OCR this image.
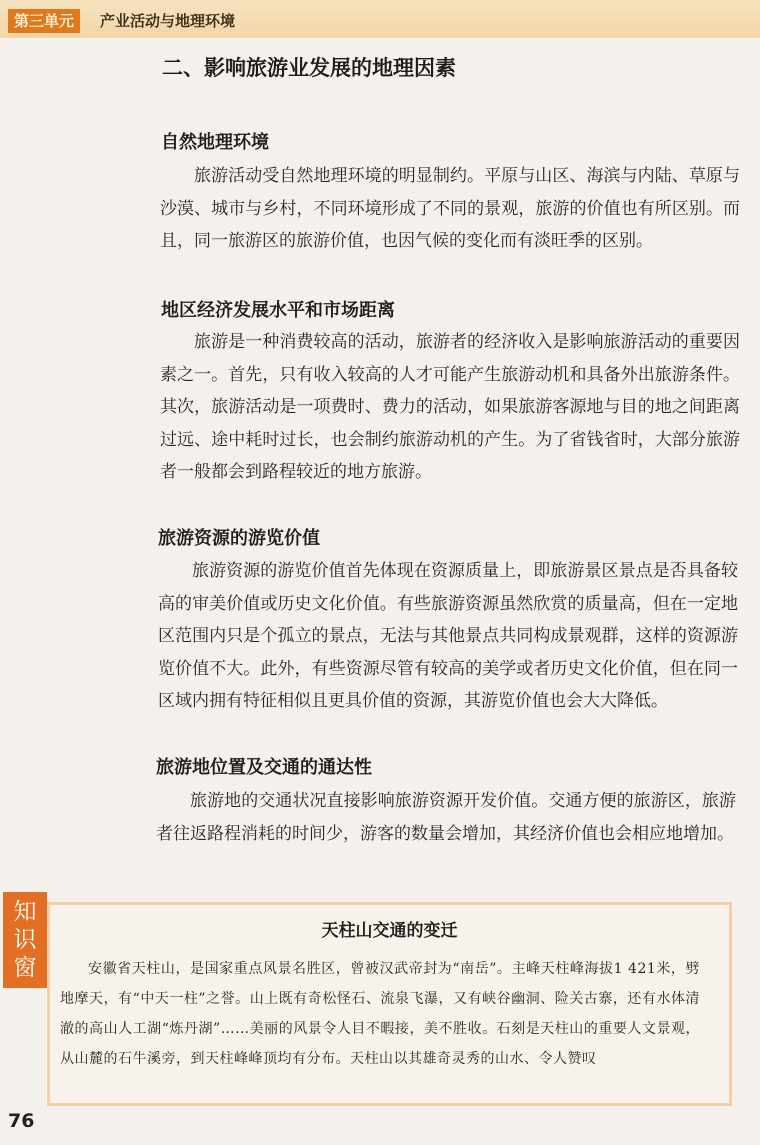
第三单元	产业活动与地理环境
二、影响旅游业发展的地理因素
自然地理环境

旅游活动受自然地理环境的明显制约。平原与山区、海滨与内陆、草原与沙漠、城市与乡村，不同环境形成了不同的景观，旅游的价值也有所区别。而且，同一旅游区的旅游价值，也因气候的变化而有淡旺季的区别。

地区经济发展水平和市场距离

旅游是一种消费较高的活动，旅游者的经济收入是影响旅游活动的重要因素之一。首先，只有收入较高的人才可能产生旅游动机和具备外出旅游条件。其次，旅游活动是一项费时、费力的活动，如果旅游客源地与目的地之间距离过远、途中耗时过长，也会制约旅游动机的产生。为了省钱省时，大部分旅游者一般都会到路程较近的地方旅游。

旅游资源的游览价值

旅游资源的游览价值首先体现在资源质量上，即旅游景区景点是否具备较高的审美价值或历史文化价值。有些旅游资源虽然欣赏的质量高，但在一定地区范围内只是个孤立的景点，无法与其他景点共同构成景观群，这样的资源游览价值不大。此外，有些资源尽管有较高的美学或者历史文化价值，但在同一区域内拥有特征相似且更具价值的资源，其游览价值也会大大降低。

旅游地位置及交通的通达性

旅游地的交通状况直接影响旅游资源开发价值。交通方便的旅游区，旅游者往返路程消耗的时间少，游客的数量会增加，其经济价值也会相应地增加。

知
识
窗
天柱山交通的变迁

安徽省天柱山，是国家重点风景名胜区，曾被汉武帝封为“南岳”。主峰天柱峰海拔1 421米，劈地摩天，有“中天一柱”之誉。山上既有奇松怪石、流泉飞瀑，又有峡谷幽洞、险关古寨，还有水体清澈的高山人工湖“炼丹湖”……美丽的风景令人目不暇接，美不胜收。石刻是天柱山的重要人文景观，从山麓的石牛溪旁，到天柱峰峰顶均有分布。天柱山以其雄奇灵秀的山水、令人赞叹

76
